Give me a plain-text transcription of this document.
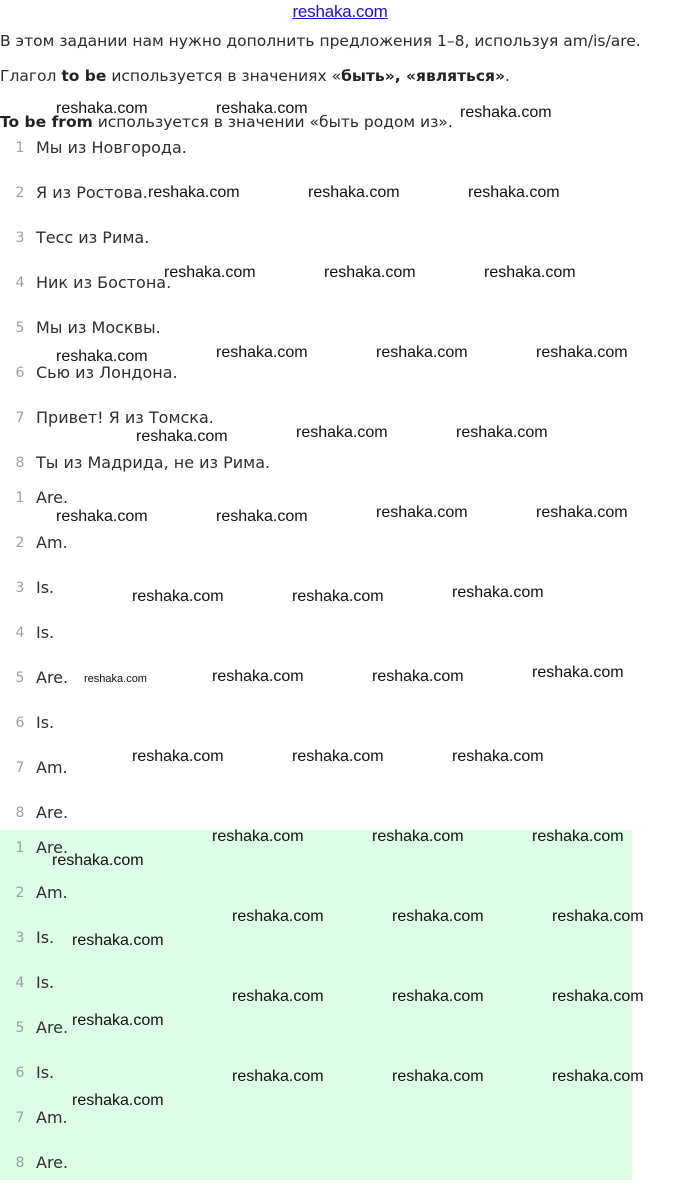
reshaka.com
В этом задании нам нужно дополнить предложения 1–8, используя am/is/are.
Глагол to be используется в значениях «быть», «являться».
To be from используется в значении «быть родом из».
1 Мы из Новгорода.
2 Я из Ростова.
3 Тесс из Рима.
4 Ник из Бостона.
5 Мы из Москвы.
6 Сью из Лондона.
7 Привет! Я из Томска.
8 Ты из Мадрида, не из Рима.
1 Are.
2 Am.
3 Is.
4 Is.
5 Are.
6 Is.
7 Am.
8 Are.
1 Are.
2 Am.
3 Is.
4 Is.
5 Are.
6 Is.
7 Am.
8 Are.
reshaka.com	reshaka.com	reshaka.com
reshaka.com	reshaka.com	reshaka.com
reshaka.com	reshaka.com	reshaka.com
reshaka.com	reshaka.com	reshaka.com	reshaka.com
reshaka.com	reshaka.com	reshaka.com
reshaka.com	reshaka.com	reshaka.com	reshaka.com
reshaka.com	reshaka.com	reshaka.com
reshaka.com	reshaka.com	reshaka.com	reshaka.com
reshaka.com	reshaka.com	reshaka.com
reshaka.com	reshaka.com	reshaka.com
reshaka.com
reshaka.com	reshaka.com	reshaka.com
reshaka.com
reshaka.com	reshaka.com	reshaka.com
reshaka.com
reshaka.com	reshaka.com	reshaka.com
reshaka.com
